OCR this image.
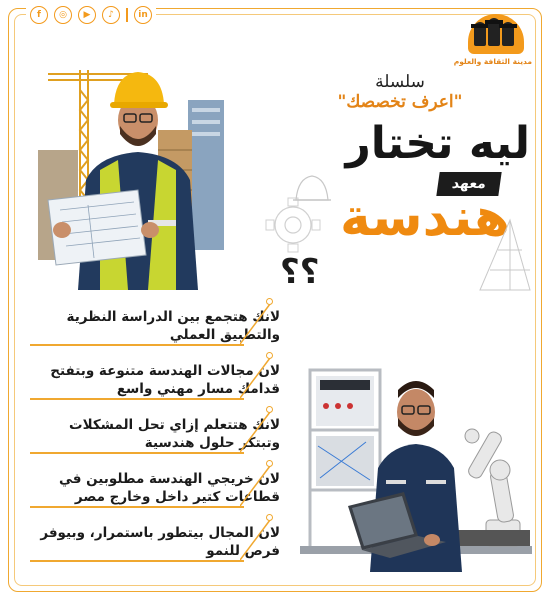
f ◎ ▶ ♪	in
مدينة الثقافة والعلوم
سلسلة
"اعرف تخصصك"
ليه تختار
معهد
هندسة
؟؟
لانك هتجمع بين الدراسة النظرية والتطبيق العملي
لان مجالات الهندسة متنوعة وبتفتح قدامك مسار مهني واسع
لانك هتتعلم إزاي تحل المشكلات وتبتكر حلول هندسية
لان خريجي الهندسة مطلوبين في قطاعات كتير داخل وخارج مصر
لان المجال بيتطور باستمرار، وبيوفر فرص للنمو
